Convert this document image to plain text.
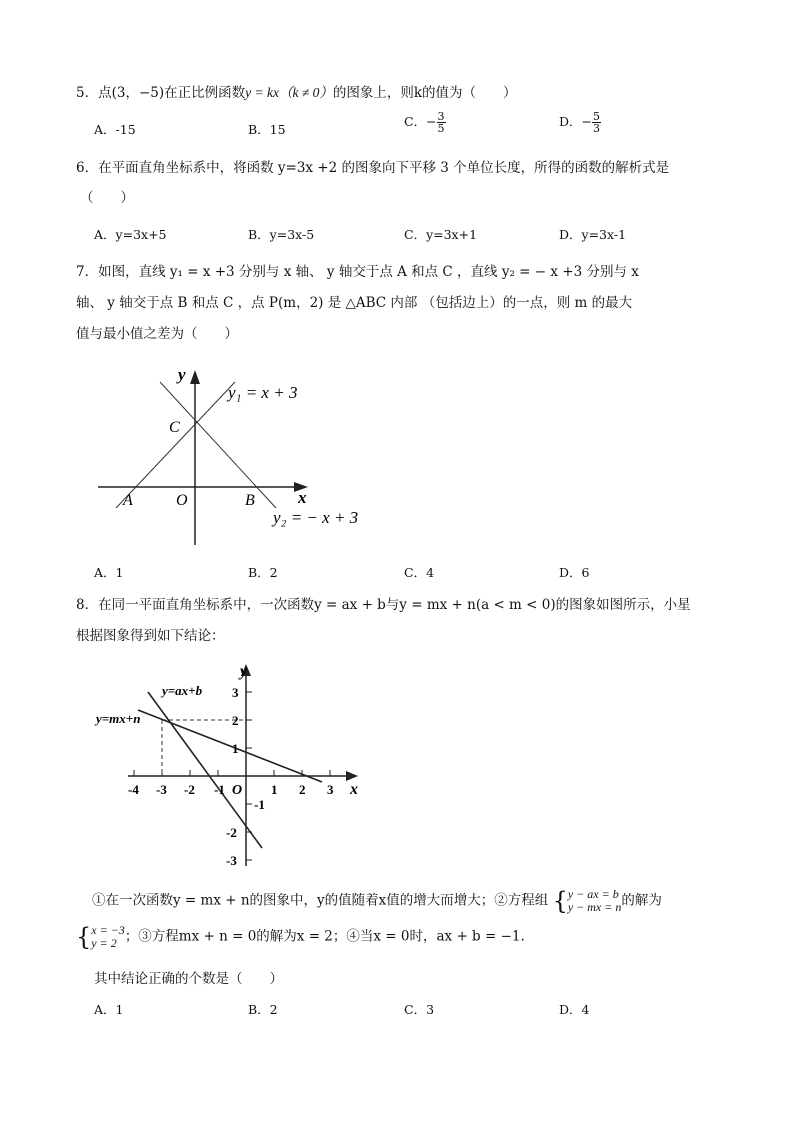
5．点(3，−5)在正比例函数y = kx（k ≠ 0）的图象上，则k的值为（　　）
A．-15	B．15
C．− $\frac{3}{5}$	D．− $\frac{5}{3}$
6．在平面直角坐标系中，将函数 y=3x +2 的图象向下平移 3 个单位长度，所得的函数的解析式是
（　　）
A．y=3x+5	B．y=3x-5	C．y=3x+1	D．y=3x-1
7．如图，直线 y₁ = x +3 分别与 x 轴、 y 轴交于点 A 和点 C ，直线 y₂ = − x +3 分别与 x
轴、 y 轴交于点 B 和点 C ，点 P(m，2) 是 △ABC 内部 （包括边上）的一点，则 m 的最大
值与最小值之差为（　　）
y
x
O
A	B
C
y₁ = x + 3
y₂ = − x + 3
A．1	B．2	C．4	D．6
8．在同一平面直角坐标系中，一次函数y = ax + b与y = mx + n(a < m < 0)的图象如图所示，小星
根据图象得到如下结论：
y
x
O
y=ax+b
y=mx+n
-4 -3 -2 -1	1 2 3
3
2
1
-1
-2
-3
①在一次函数y = mx + n的图象中，y的值随着x值的增大而增大；②方程组 { y − ax = b
y − mx = n 的解为
{ x = −3
y = 2 ；③方程mx + n = 0的解为x = 2；④当x = 0时，ax + b = −1.
其中结论正确的个数是（　　）
A．1	B．2	C．3	D．4
